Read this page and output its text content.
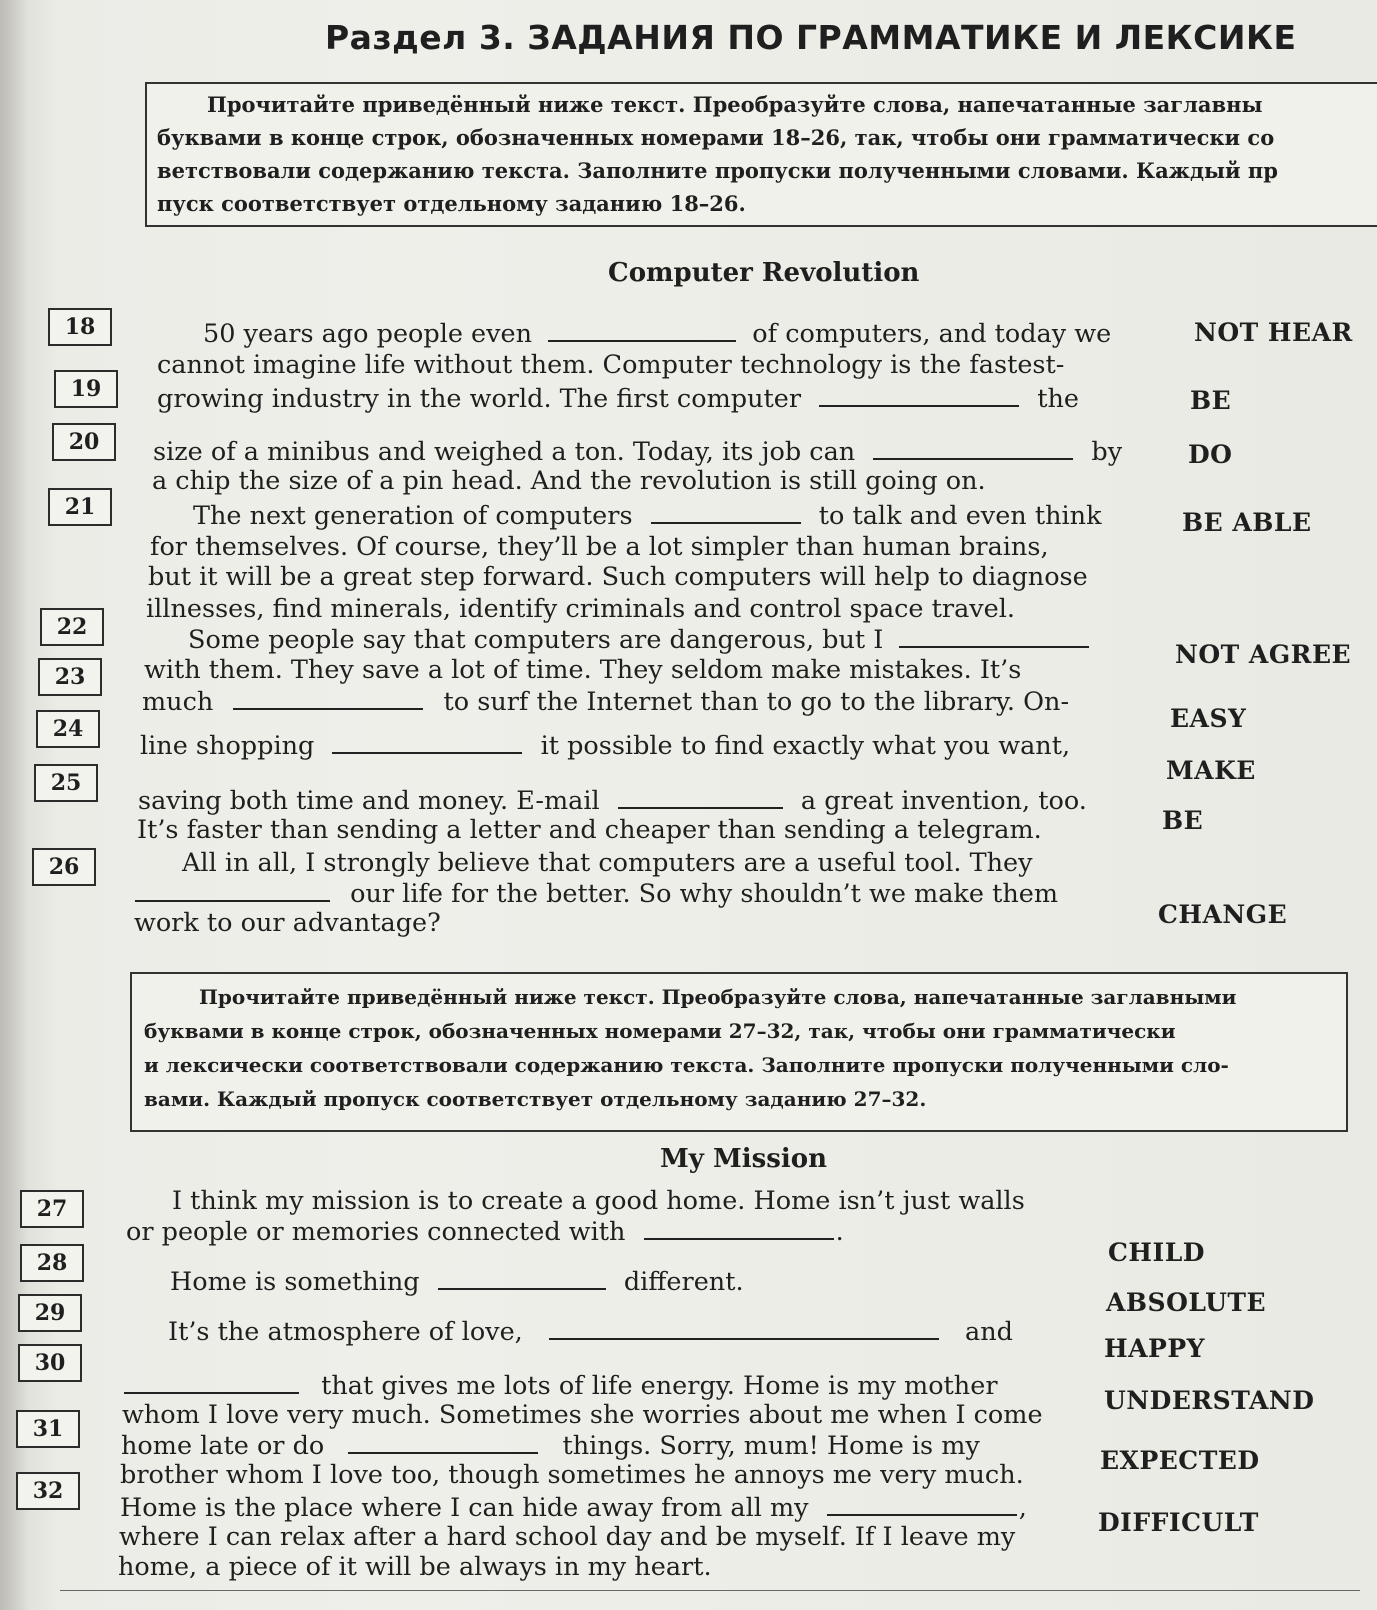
Раздел 3. ЗАДАНИЯ ПО ГРАММАТИКЕ И ЛЕКСИКЕ

Прочитайте приведённый ниже текст. Преобразуйте слова, напечатанные заглавны

буквами в конце строк, обозначенных номерами 18–26, так, чтобы они грамматически со

ветствовали содержанию текста. Заполните пропуски полученными словами. Каждый пр

пуск соответствует отдельному заданию 18–26.

Computer Revolution
18
19
20
21
22
23
24
25
26
50 years ago people even	of computers, and today we
cannot imagine life without them. Computer technology is the fastest-
growing industry in the world. The first computer	the
size of a minibus and weighed a ton. Today, its job can	by
a chip the size of a pin head. And the revolution is still going on.
The next generation of computers	to talk and even think
for themselves. Of course, they’ll be a lot simpler than human brains,
but it will be a great step forward. Such computers will help to diagnose
illnesses, find minerals, identify criminals and control space travel.
Some people say that computers are dangerous, but I
with them. They save a lot of time. They seldom make mistakes. It’s
much	to surf the Internet than to go to the library. On-
line shopping	it possible to find exactly what you want,
saving both time and money. E-mail	a great invention, too.
It’s faster than sending a letter and cheaper than sending a telegram.
All in all, I strongly believe that computers are a useful tool. They
our life for the better. So why shouldn’t we make them
work to our advantage?
NOT HEAR
BE
DO
BE ABLE
NOT AGREE
EASY
MAKE
BE
CHANGE

Прочитайте приведённый ниже текст. Преобразуйте слова, напечатанные заглавными

буквами в конце строк, обозначенных номерами 27–32, так, чтобы они грамматически

и лексически соответствовали содержанию текста. Заполните пропуски полученными сло-

вами. Каждый пропуск соответствует отдельному заданию 27–32.

My Mission
27
28
29
30
31
32
I think my mission is to create a good home. Home isn’t just walls
or people or memories connected with	.
Home is something	different.
It’s the atmosphere of love,	and
that gives me lots of life energy. Home is my mother
whom I love very much. Sometimes she worries about me when I come
home late or do	things. Sorry, mum! Home is my
brother whom I love too, though sometimes he annoys me very much.
Home is the place where I can hide away from all my	,
where I can relax after a hard school day and be myself. If I leave my
home, a piece of it will be always in my heart.
CHILD
ABSOLUTE
HAPPY
UNDERSTAND
EXPECTED
DIFFICULT
